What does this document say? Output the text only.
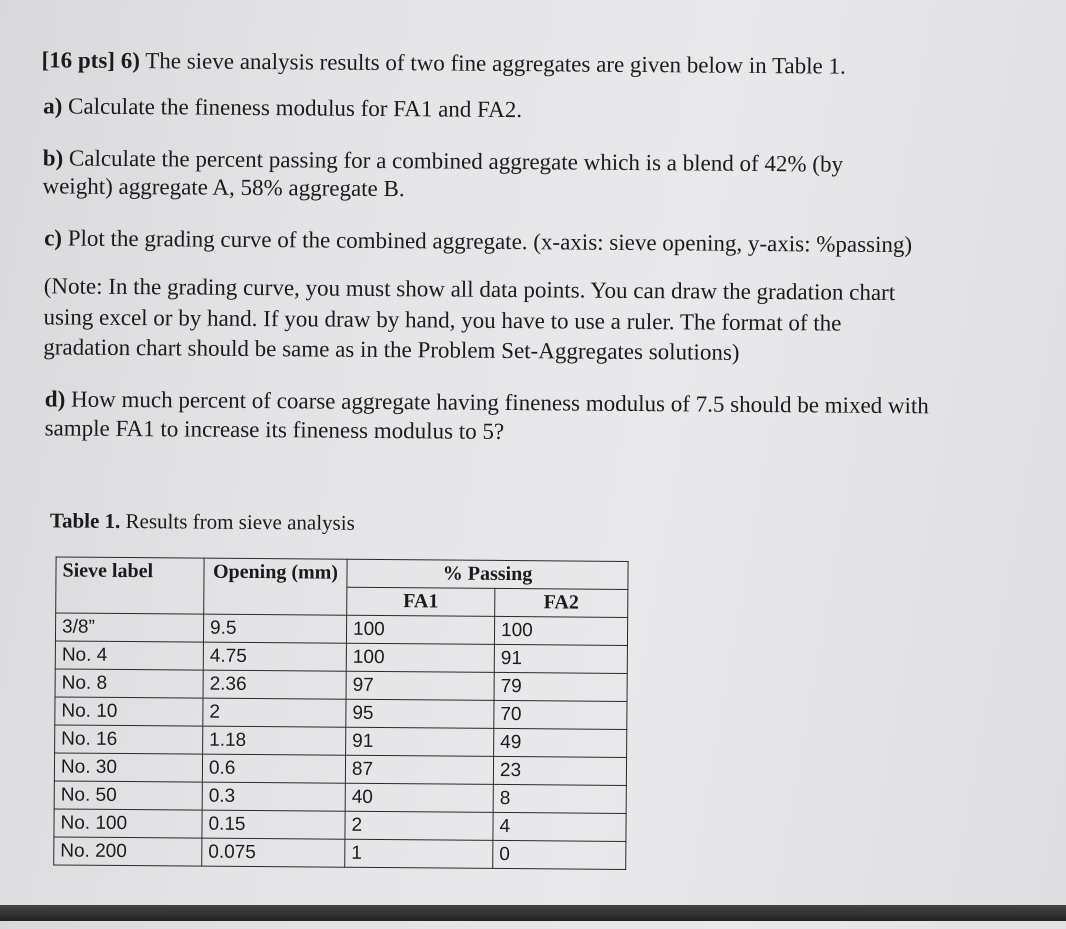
[16 pts] 6) The sieve analysis results of two fine aggregates are given below in Table 1.
a) Calculate the fineness modulus for FA1 and FA2.
b) Calculate the percent passing for a combined aggregate which is a blend of 42% (by
weight) aggregate A, 58% aggregate B.
c) Plot the grading curve of the combined aggregate. (x-axis: sieve opening, y-axis: %passing)
(Note: In the grading curve, you must show all data points. You can draw the gradation chart
using excel or by hand. If you draw by hand, you have to use a ruler. The format of the
gradation chart should be same as in the Problem Set-Aggregates solutions)
d) How much percent of coarse aggregate having fineness modulus of 7.5 should be mixed with
sample FA1 to increase its fineness modulus to 5?
Table 1. Results from sieve analysis
Sieve label	Opening (mm)	% Passing	
		FA1	FA2
3/8”	9.5	100	100
No. 4	4.75	100	91
No. 8	2.36	97	79
No. 10	2	95	70
No. 16	1.18	91	49
No. 30	0.6	87	23
No. 50	0.3	40	8
No. 100	0.15	2	4
No. 200	0.075	1	0
